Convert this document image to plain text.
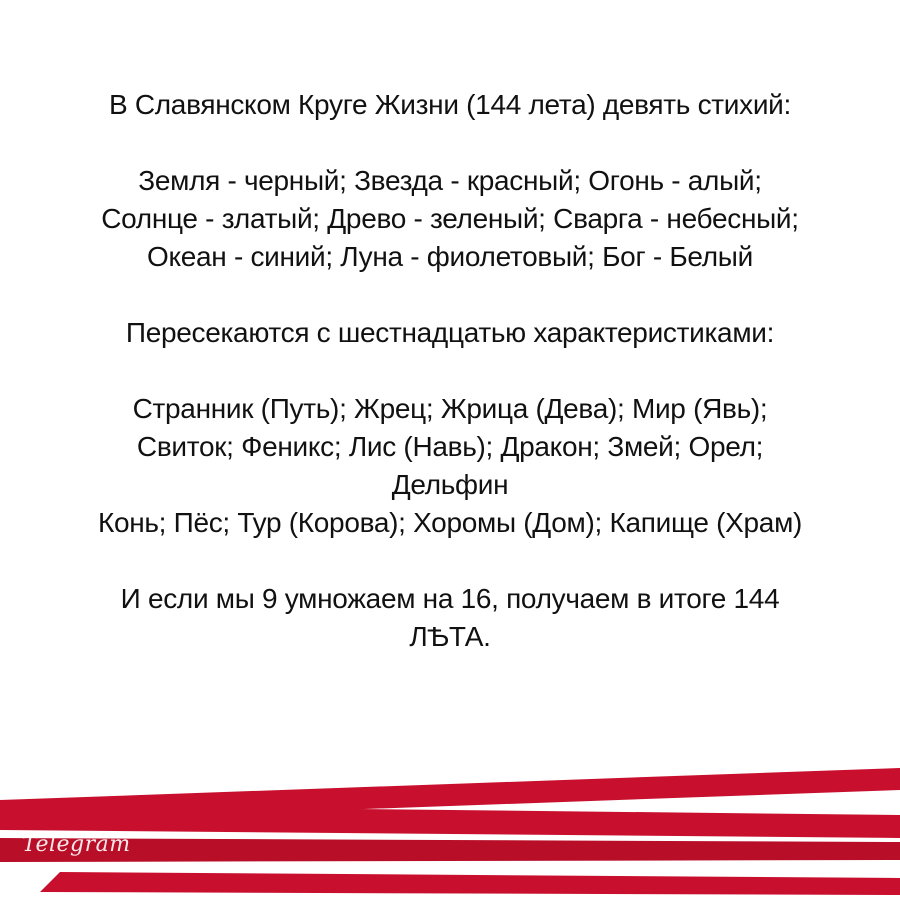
Telegram

В Славянском Круге Жизни (144 лета) девять стихий:

Земля - черный; Звезда - красный; Огонь - алый;

Солнце - златый; Древо - зеленый; Сварга - небесный;

Океан - синий; Луна - фиолетовый; Бог - Белый

Пересекаются с шестнадцатью характеристиками:

Странник (Путь); Жрец; Жрица (Дева); Мир (Явь);

Свиток; Феникс; Лис (Навь); Дракон; Змей; Орел;

Дельфин

Конь; Пёс; Тур (Корова); Хоромы (Дом); Капище (Храм)

И если мы 9 умножаем на 16, получаем в итоге 144

ЛѢТА.
